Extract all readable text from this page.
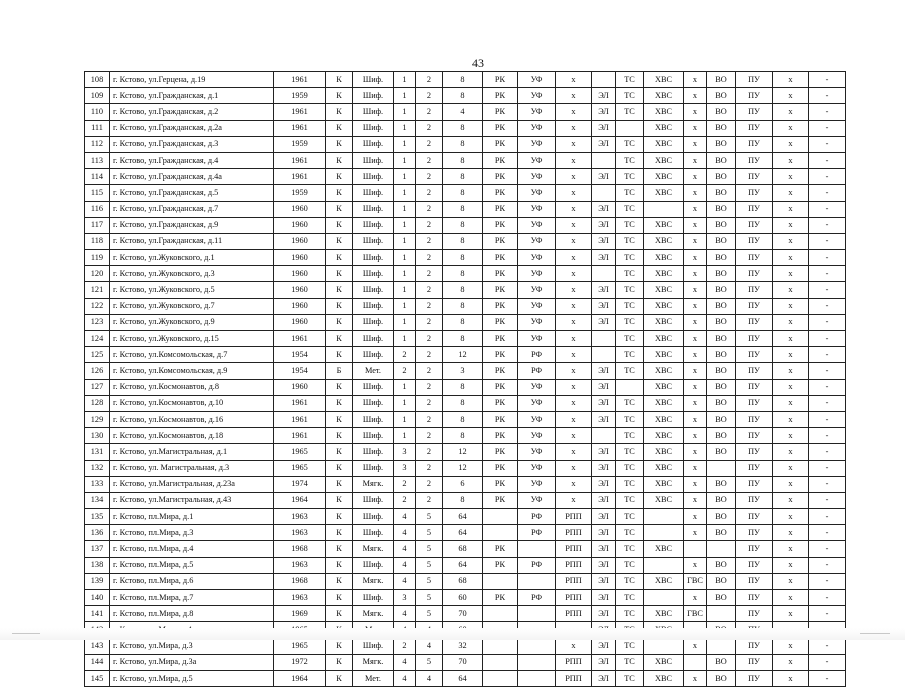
43
108	г. Кстово, ул.Герцена, д.19	1961	К	Шиф.	1	2	8	РК	УФ	х		ТС	ХВС	х	ВО	ПУ	х	-
109	г. Кстово, ул.Гражданская, д.1	1959	К	Шиф.	1	2	8	РК	УФ	х	ЭЛ	ТС	ХВС	х	ВО	ПУ	х	-
110	г. Кстово, ул.Гражданская, д.2	1961	К	Шиф.	1	2	4	РК	УФ	х	ЭЛ	ТС	ХВС	х	ВО	ПУ	х	-
111	г. Кстово, ул.Гражданская, д.2а	1961	К	Шиф.	1	2	8	РК	УФ	х	ЭЛ		ХВС	х	ВО	ПУ	х	-
112	г. Кстово, ул.Гражданская, д.3	1959	К	Шиф.	1	2	8	РК	УФ	х	ЭЛ	ТС	ХВС	х	ВО	ПУ	х	-
113	г. Кстово, ул.Гражданская, д.4	1961	К	Шиф.	1	2	8	РК	УФ	х		ТС	ХВС	х	ВО	ПУ	х	-
114	г. Кстово, ул.Гражданская, д.4а	1961	К	Шиф.	1	2	8	РК	УФ	х	ЭЛ	ТС	ХВС	х	ВО	ПУ	х	-
115	г. Кстово, ул.Гражданская, д.5	1959	К	Шиф.	1	2	8	РК	УФ	х		ТС	ХВС	х	ВО	ПУ	х	-
116	г. Кстово, ул.Гражданская, д.7	1960	К	Шиф.	1	2	8	РК	УФ	х	ЭЛ	ТС		х	ВО	ПУ	х	-
117	г. Кстово, ул.Гражданская, д.9	1960	К	Шиф.	1	2	8	РК	УФ	х	ЭЛ	ТС	ХВС	х	ВО	ПУ	х	-
118	г. Кстово, ул.Гражданская, д.11	1960	К	Шиф.	1	2	8	РК	УФ	х	ЭЛ	ТС	ХВС	х	ВО	ПУ	х	-
119	г. Кстово, ул.Жуковского, д.1	1960	К	Шиф.	1	2	8	РК	УФ	х	ЭЛ	ТС	ХВС	х	ВО	ПУ	х	-
120	г. Кстово, ул.Жуковского, д.3	1960	К	Шиф.	1	2	8	РК	УФ	х		ТС	ХВС	х	ВО	ПУ	х	-
121	г. Кстово, ул.Жуковского, д.5	1960	К	Шиф.	1	2	8	РК	УФ	х	ЭЛ	ТС	ХВС	х	ВО	ПУ	х	-
122	г. Кстово, ул.Жуковского, д.7	1960	К	Шиф.	1	2	8	РК	УФ	х	ЭЛ	ТС	ХВС	х	ВО	ПУ	х	-
123	г. Кстово, ул.Жуковского, д.9	1960	К	Шиф.	1	2	8	РК	УФ	х	ЭЛ	ТС	ХВС	х	ВО	ПУ	х	-
124	г. Кстово, ул.Жуковского, д.15	1961	К	Шиф.	1	2	8	РК	УФ	х		ТС	ХВС	х	ВО	ПУ	х	-
125	г. Кстово, ул.Комсомольская, д.7	1954	К	Шиф.	2	2	12	РК	РФ	х		ТС	ХВС	х	ВО	ПУ	х	-
126	г. Кстово, ул.Комсомольская, д.9	1954	Б	Мет.	2	2	3	РК	РФ	х	ЭЛ	ТС	ХВС	х	ВО	ПУ	х	-
127	г. Кстово, ул.Космонавтов, д.8	1960	К	Шиф.	1	2	8	РК	УФ	х	ЭЛ		ХВС	х	ВО	ПУ	х	-
128	г. Кстово, ул.Космонавтов, д.10	1961	К	Шиф.	1	2	8	РК	УФ	х	ЭЛ	ТС	ХВС	х	ВО	ПУ	х	-
129	г. Кстово, ул.Космонавтов, д.16	1961	К	Шиф.	1	2	8	РК	УФ	х	ЭЛ	ТС	ХВС	х	ВО	ПУ	х	-
130	г. Кстово, ул.Космонавтов, д.18	1961	К	Шиф.	1	2	8	РК	УФ	х		ТС	ХВС	х	ВО	ПУ	х	-
131	г. Кстово, ул.Магистральная, д.1	1965	К	Шиф.	3	2	12	РК	УФ	х	ЭЛ	ТС	ХВС	х	ВО	ПУ	х	-
132	г. Кстово, ул. Магистральная, д.3	1965	К	Шиф.	3	2	12	РК	УФ	х	ЭЛ	ТС	ХВС	х		ПУ	х	-
133	г. Кстово, ул.Магистральная, д.23а	1974	К	Мягк.	2	2	6	РК	УФ	х	ЭЛ	ТС	ХВС	х	ВО	ПУ	х	-
134	г. Кстово, ул.Магистральная, д.43	1964	К	Шиф.	2	2	8	РК	УФ	х	ЭЛ	ТС	ХВС	х	ВО	ПУ	х	-
135	г. Кстово, пл.Мира, д.1	1963	К	Шиф.	4	5	64		РФ	РПП	ЭЛ	ТС		х	ВО	ПУ	х	-
136	г. Кстово, пл.Мира, д.3	1963	К	Шиф.	4	5	64		РФ	РПП	ЭЛ	ТС		х	ВО	ПУ	х	-
137	г. Кстово, пл.Мира, д.4	1968	К	Мягк.	4	5	68	РК		РПП	ЭЛ	ТС	ХВС			ПУ	х	-
138	г. Кстово, пл.Мира, д.5	1963	К	Шиф.	4	5	64	РК	РФ	РПП	ЭЛ	ТС		х	ВО	ПУ	х	-
139	г. Кстово, пл.Мира, д.6	1968	К	Мягк.	4	5	68			РПП	ЭЛ	ТС	ХВС	ГВС	ВО	ПУ	х	-
140	г. Кстово, пл.Мира, д.7	1963	К	Шиф.	3	5	60	РК	РФ	РПП	ЭЛ	ТС		х	ВО	ПУ	х	-
141	г. Кстово, пл.Мира, д.8	1969	К	Мягк.	4	5	70			РПП	ЭЛ	ТС	ХВС	ГВС		ПУ	х	-

143	г. Кстово, ул.Мира, д.3	1965	К	Шиф.	2	4	32			х	ЭЛ	ТС		х		ПУ	х	-
144	г. Кстово, ул.Мира, д.3а	1972	К	Мягк.	4	5	70			РПП	ЭЛ	ТС	ХВС		ВО	ПУ	х	-
145	г. Кстово, ул.Мира, д.5	1964	К	Мет.	4	4	64			РПП	ЭЛ	ТС	ХВС	х	ВО	ПУ	х	-
